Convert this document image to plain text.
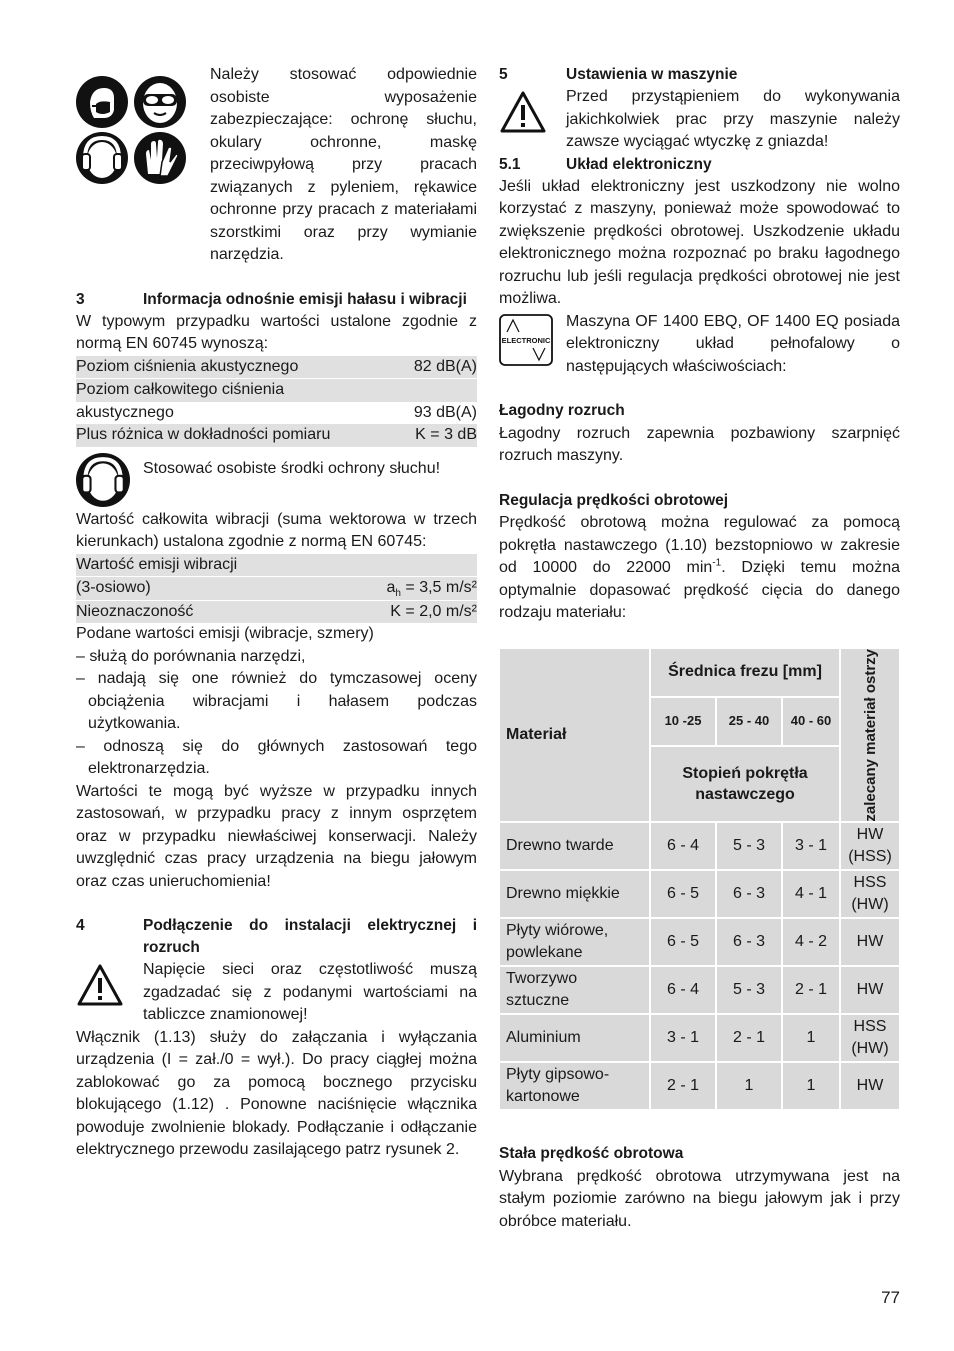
Należy stosować odpowiednie osobiste wyposażenie zabezpieczające: ochronę słuchu, okulary ochronne, maskę przeciwpyłową przy pracach związanych z pyleniem, rękawice ochronne przy pracach z materiałami szorstkimi oraz przy wymianie narzędzia.

3	Informacja odnośnie emisji hałasu i wibracji

W typowym przypadku wartości ustalone zgodnie z normą EN 60745 wynoszą:

Poziom ciśnienia akustycznego	82 dB(A)
Poziom całkowitego ciśnienia
akustycznego	93 dB(A)
Plus różnica w dokładności pomiaru	K = 3 dB
Stosować osobiste środki ochrony słuchu!

Wartość całkowita wibracji (suma wektorowa w trzech kierunkach) ustalona zgodnie z normą EN 60745:

Wartość emisji wibracji
(3-osiowo)	$a_h = 3,5$ m/s²
Nieoznaczoność	K = 2,0 m/s²

Podane wartości emisji (wibracje, szmery)

– służą do porównania narzędzi,
– nadają się one również do tymczasowej oceny obciążenia wibracjami i hałasem podczas użytkowania.
– odnoszą się do głównych zastosowań tego elektronarzędzia.

Wartości te mogą być wyższe w przypadku innych zastosowań, w przypadku pracy z innym osprzętem oraz w przypadku niewłaściwej konserwacji. Należy uwzględnić czas pracy urządzenia na biegu jałowym oraz czas unieruchomienia!

4	Podłączenie do instalacji elektrycznej i rozruch

Napięcie sieci oraz częstotliwość muszą zgadzadać się z podanymi wartościami na tabliczce znamionowej!

Włącznik (1.13) służy do załączania i wyłączania urządzenia (I = zał./0 = wył.). Do pracy ciągłej można zablokować go za pomocą bocznego przycisku blokującego (1.12) . Ponowne naciśnięcie włącznika powoduje zwolnienie blokady. Podłączanie i odłączanie elektrycznego przewodu zasilającego patrz rysunek 2.

5	Ustawienia w maszynie

Przed przystąpieniem do wykonywania jakichkolwiek prac przy maszynie należy zawsze wyciągać wtyczkę z gniazda!

5.1	Układ elektroniczny

Jeśli układ elektroniczny jest uszkodzony nie wolno korzystać z maszyny, ponieważ może spowodować to zwiększenie prędkości obrotowej. Uszkodzenie układu elektronicznego można rozpoznać po braku łagodnego rozruchu lub jeśli regulacja prędkości obrotowej nie jest możliwa.

ELECTRONIC

Maszyna OF 1400 EBQ, OF 1400 EQ posiada elektroniczny układ pełnofalowy o następujących właściwościach:

Łagodny rozruch

Łagodny rozruch zapewnia pozbawiony szarpnięć rozruch maszyny.

Regulacja prędkości obrotowej

Prędkość obrotową można regulować za pomocą pokrętła nastawczego (1.10) bezstopniowo w zakresie od 10000 do 22000 $\min^{-1}$. Dzięki temu można optymalnie dopasować prędkość cięcia do danego rodzaju materiału:

Materiał	Średnica frezu [mm]			zalecany materiał ostrzy

	10 -25	25 - 40	40 - 60	
	Stopień pokrętła nastawczego			
Drewno twarde	6 - 4	5 - 3	3 - 1	HW (HSS)
Drewno miękkie	6 - 5	6 - 3	4 - 1	HSS (HW)
Płyty wiórowe, powlekane	6 - 5	6 - 3	4 - 2	HW
Tworzywo sztuczne	6 - 4	5 - 3	2 - 1	HW
Aluminium	3 - 1	2 - 1	1	HSS (HW)
Płyty gipsowo-kartonowe	2 - 1	1	1	HW
Stała prędkość obrotowa

Wybrana prędkość obrotowa utrzymywana jest na stałym poziomie zarówno na biegu jałowym jak i przy obróbce materiału.

77
